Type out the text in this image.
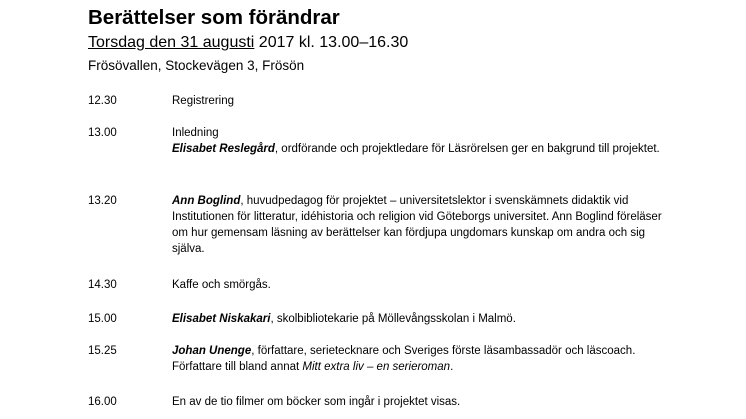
Berättelser som förändrar
Torsdag den 31 augusti 2017 kl. 13.00–16.30
Frösövallen, Stockevägen 3, Frösön
12.30	Registrering
13.00	Inledning
Elisabet Reslegård, ordförande och projektledare för Läsrörelsen ger en bakgrund till projektet.
13.20	Ann Boglind, huvudpedagog för projektet – universitetslektor i svenskämnets didaktik vid Institutionen för litteratur, idéhistoria och religion vid Göteborgs universitet. Ann Boglind föreläser om hur gemensam läsning av berättelser kan fördjupa ungdomars kunskap om andra och sig själva.
14.30	Kaffe och smörgås.
15.00	Elisabet Niskakari, skolbibliotekarie på Möllevångsskolan i Malmö.
15.25	Johan Unenge, författare, serietecknare och Sveriges förste läsambassadör och läscoach. Författare till bland annat Mitt extra liv – en serieroman.
16.00	En av de tio filmer om böcker som ingår i projektet visas.
